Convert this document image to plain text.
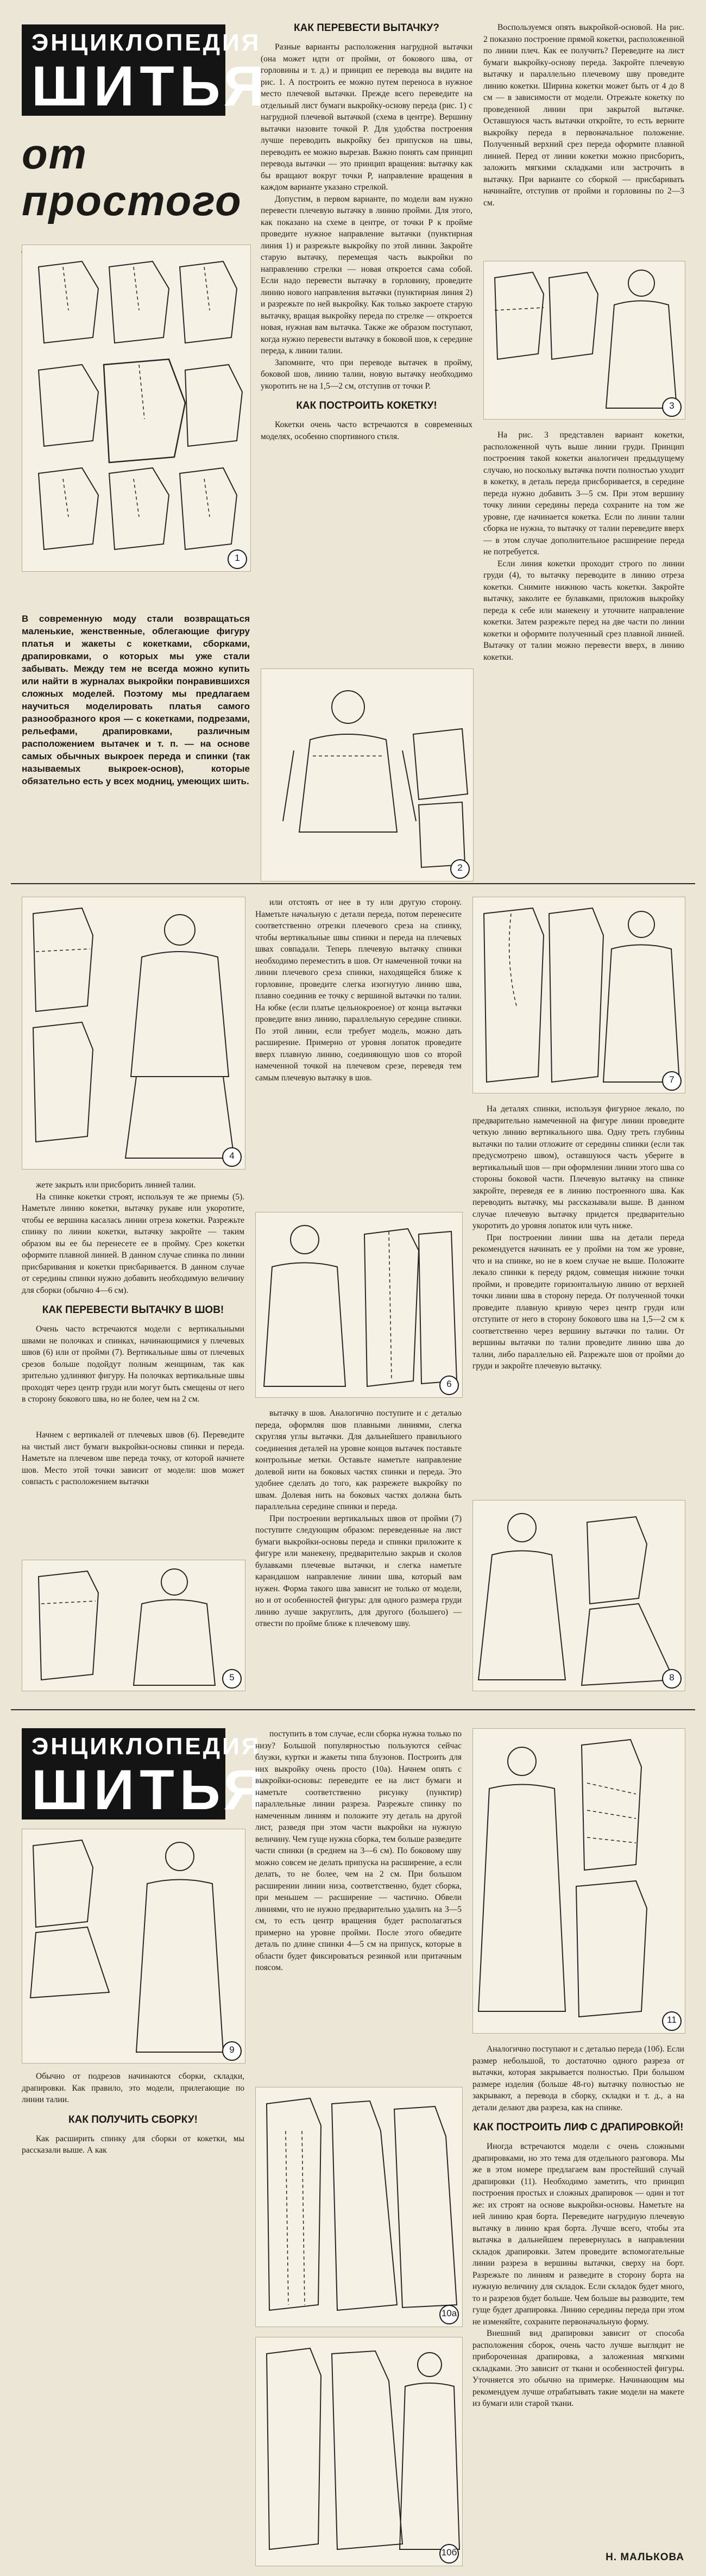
ЭНЦИКЛОПЕДИЯ
ШИТЬЯ
от простого
1

В современную моду стали возвращаться маленькие, женственные, облегающие фигуру платья и жакеты с кокетками, сборками, драпировками, о которых мы уже стали забывать. Между тем не всегда можно купить или найти в журналах выкройки понравившихся сложных моделей. Поэтому мы предлагаем научиться моделировать платья самого разнообразного кроя — с кокетками, подрезами, рельефами, драпировками, различным расположением вытачек и т. п. — на основе самых обычных выкроек переда и спинки (так называемых выкроек-основ), которые обязательно есть у всех модниц, умеющих шить.

КАК ПЕРЕВЕСТИ ВЫТАЧКУ?

Разные варианты расположения нагрудной вытачки (она может идти от пройми, от бокового шва, от горловины и т. д.) и принцип ее перевода вы видите на рис. 1. А построить ее можно путем переноса в нужное место плечевой вытачки. Прежде всего переведите на отдельный лист бумаги выкройку-основу переда (рис. 1) с нагрудной плечевой вытачкой (схема в центре). Вершину вытачки назовите точкой Р. Для удобства построения лучше переводить выкройку без припусков на швы, переводить ее можно вырезав. Важно понять сам принцип перевода вытачки — это принцип вращения: вытачку как бы вращают вокруг точки Р, направление вращения в каждом варианте указано стрелкой.

Допустим, в первом варианте, по модели вам нужно перевести плечевую вытачку в линию пройми. Для этого, как показано на схеме в центре, от точки Р к пройме проведите нужное направление вытачки (пунктирная линия 1) и разрежьте выкройку по этой линии. Закройте старую вытачку, перемещая часть выкройки по направлению стрелки — новая откроется сама собой. Если надо перевести вытачку в горловину, проведите линию нового направления вытачки (пунктирная линия 2) и разрежьте по ней выкройку. Как только закроете старую вытачку, вращая выкройку переда по стрелке — откроется новая, нужная вам вытачка. Также же образом поступают, когда нужно перевести вытачку в боковой шов, к середине переда, к линии талии.

Запомните, что при переводе вытачек в пройму, боковой шов, линию талии, новую вытачку необходимо укоротить не на 1,5—2 см, отступив от точки Р.

КАК ПОСТРОИТЬ КОКЕТКУ!

Кокетки очень часто встречаются в современных моделях, особенно спортивного стиля.

2
3

Воспользуемся опять выкройкой-основой. На рис. 2 показано построение прямой кокетки, расположенной по линии плеч. Как ее получить? Переведите на лист бумаги выкройку-основу переда. Закройте плечевую вытачку и параллельно плечевому шву проведите линию кокетки. Ширина кокетки может быть от 4 до 8 см — в зависимости от модели. Отрежьте кокетку по проведенной линии при закрытой вытачке. Оставшуюся часть вытачки откройте, то есть верните выкройку переда в первоначальное положение. Полученный верхний срез переда оформите плавной линией. Перед от линии кокетки можно присборить, заложить мягкими складками или застрочить в вытачку. При варианте со сборкой — присбаривать начинайте, отступив от пройми и горловины по 2—3 см.

На рис. 3 представлен вариант кокетки, расположенной чуть выше линии груди. Принцип построения такой кокетки аналогичен предыдущему случаю, но поскольку вытачка почти полностью уходит в кокетку, в деталь переда присборивается, в середине переда нужно добавить 3—5 см. При этом вершину точку линии середины переда сохраните на том же уровне, где начинается кокетка. Если по линии талии сборка не нужна, то вытачку от талии переведите вверх — в этом случае дополнительное расширение переда не потребуется.

Если линия кокетки проходит строго по линии груди (4), то вытачку переводите в линию отреза кокетки. Снимите нижнюю часть кокетки. Закройте вытачку, заколите ее булавками, приложив выкройку переда к себе или манекену и уточните направление кокетки. Затем разрежьте перед на две части по линии кокетки и оформите полученный срез плавной линией. Вытачку от талии можно перевести вверх, в линию кокетки.

4

жете закрыть или присборить линией талии.

На спинке кокетки строят, используя те же приемы (5). Наметьте линию кокетки, вытачку рукаве или укоротите, чтобы ее вершина касалась линии отреза кокетки. Разрежьте спинку по линии кокетки, вытачку закройте — таким образом вы ее бы перенесете ее в пройму. Срез кокетки оформите плавной линией. В данном случае спинка по линии присбаривания и кокетки присбаривается. В данном случае от середины спинки нужно добавить необходимую величину для сборки (обычно 4—6 см).

КАК ПЕРЕВЕСТИ ВЫТАЧКУ В ШОВ!

Очень часто встречаются модели с вертикальными швами не полочках и спинках, начинающимися у плечевых швов (6) или от пройми (7). Вертикальные швы от плечевых срезов больше подойдут полным женщинам, так как зрительно удлиняют фигуру. На полочках вертикальные швы проходят через центр груди или могут быть смещены от него в сторону бокового шва, но не более, чем на 2 см.

Начнем с вертикалей от плечевых швов (6). Переведите на чистый лист бумаги выкройки-основы спинки и переда. Наметьте на плечевом шве переда точку, от которой начнете шов. Место этой точки зависит от модели: шов может совпасть с расположением вытачки

5

или отстоять от нее в ту или другую сторону. Наметьте начальную с детали переда, потом перенесите соответственно отрезки плечевого среза на спинку, чтобы вертикальные швы спинки и переда на плечевых швах совпадали. Теперь плечевую вытачку спинки необходимо переместить в шов. От намеченной точки на линии плечевого среза спинки, находящейся ближе к горловине, проведите слегка изогнутую линию шва, плавно соединив ее точку с вершиной вытачки по талии. На юбке (если платье цельнокроеное) от конца вытачки проведите вниз линию, параллельную середине спинки. По этой линии, если требует модель, можно дать расширение. Примерно от уровня лопаток проведите вверх плавную линию, соединяющую шов со второй намеченной точкой на плечевом срезе, переведя тем самым плечевую вытачку в шов.

6

вытачку в шов. Аналогично поступите и с деталью переда, оформляя шов плавными линиями, слегка скругляя углы вытачки. Для дальнейшего правильного соединения деталей на уровне концов вытачек поставьте контрольные метки. Оставьте наметьте направление долевой нити на боковых частях спинки и переда. Это удобнее сделать до того, как разрежете выкройку по швам. Долевая нить на боковых частях должна быть параллельна середине спинки и переда.

При построении вертикальных швов от пройми (7) поступите следующим образом: переведенные на лист бумаги выкройки-основы переда и спинки приложите к фигуре или манекену, предварительно закрыв и сколов булавками плечевые вытачки, и слегка наметьте карандашом направление линии шва, который вам нужен. Форма такого шва зависит не только от модели, но и от особенностей фигуры: для одного размера груди линию лучше закруглить, для другого (большего) — отвести по пройме ближе к плечевому шву.

7

На деталях спинки, используя фигурное лекало, по предварительно намеченной на фигуре линии проведите четкую линию вертикального шва. Одну треть глубины вытачки по талии отложите от середины спинки (если так предусмотрено швом), оставшуюся часть уберите в вертикальный шов — при оформлении линии этого шва со стороны боковой части. Плечевую вытачку на спинке закройте, переведя ее в линию построенного шва. Как переводить вытачку, мы рассказывали выше. В данном случае плечевую вытачку придется предварительно укоротить до уровня лопаток или чуть ниже.

При построении линии шва на детали переда рекомендуется начинать ее у пройми на том же уровне, что и на спинке, но не в коем случае не выше. Положите лекало спинки к переду рядом, совмещая нижние точки пройми, и проведите горизонтальную линию от верхней точки линии шва в сторону переда. От полученной точки проведите плавную кривую через центр груди или отступите от него в сторону бокового шва на 1,5—2 см к соответственно через вершину вытачки по талии. От вершины вытачки по талии проведите линию шва до талии, либо параллельно ей. Разрежьте шов от пройми до груди и закройте плечевую вытачку.

8
ЭНЦИКЛОПЕДИЯ
ШИТЬЯ
9

Обычно от подрезов начинаются сборки, складки, драпировки. Как правило, это модели, прилегающие по линии талии.

КАК ПОЛУЧИТЬ СБОРКУ!

Как расширить спинку для сборки от кокетки, мы рассказали выше. А как

поступить в том случае, если сборка нужна только по низу? Большой популярностью пользуются сейчас блузки, куртки и жакеты типа блузонов. Построить для них выкройку очень просто (10а). Начнем опять с выкройки-основы: переведите ее на лист бумаги и наметьте соответственно рисунку (пунктир) параллельные линии разреза. Разрежьте спинку по намеченным линиям и положите эту деталь на другой лист, разведя при этом части выкройки на нужную величину. Чем гуще нужна сборка, тем больше разведите части спинки (в среднем на 3—6 см). По боковому шву можно совсем не делать припуска на расширение, а если делать, то не более, чем на 2 см. При большом расширении линии низа, соответственно, будет сборка, при меньшем — расширение — частично. Обвели линиями, что не нужно предварительно удалить на 3—5 см, то есть центр вращения будет располагаться примерно на уровне пройми. После этого обведите деталь по длине спинки 4—5 см на припуск, которые в области будет фиксироваться резинкой или притачным поясом.

10а
10б
11

Аналогично поступают и с деталью переда (10б). Если размер небольшой, то достаточно одного разреза от вытачки, которая закрывается полностью. При большом размере изделия (больше 48-го) вытачку полностью не закрывают, а перевода в сборку, складки и т. д., а на детали делают два разреза, как на спинке.

КАК ПОСТРОИТЬ ЛИФ С ДРАПИРОВКОЙ!

Иногда встречаются модели с очень сложными драпировками, но это тема для отдельного разговора. Мы же в этом номере предлагаем вам простейший случай драпировки (11). Необходимо заметить, что принцип построения простых и сложных драпировок — один и тот же: их строят на основе выкройки-основы. Наметьте на ней линию края борта. Переведите нагрудную плечевую вытачку в линию края борта. Лучше всего, чтобы эта вытачка в дальнейшем перевернулась в направлении складок драпировки. Затем проведите вспомогательные линии разреза в вершины вытачки, сверху на борт. Разрежьте по линиям и разведите в сторону борта на нужную величину для складок. Если складок будет много, то и разрезов будет больше. Чем больше вы разводите, тем гуще будет драпировка. Линию середины переда при этом не изменяйте, сохраните первоначальную форму.

Внешний вид драпировки зависит от способа расположения сборок, очень часто лучше выглядит не прибороченная драпировка, а заложенная мягкими складками. Это зависит от ткани и особенностей фигуры. Уточняется это обычно на примерке. Начинающим мы рекомендуем лучше отрабатывать такие модели на макете из бумаги или старой ткани.

Н. МАЛЬКОВА
